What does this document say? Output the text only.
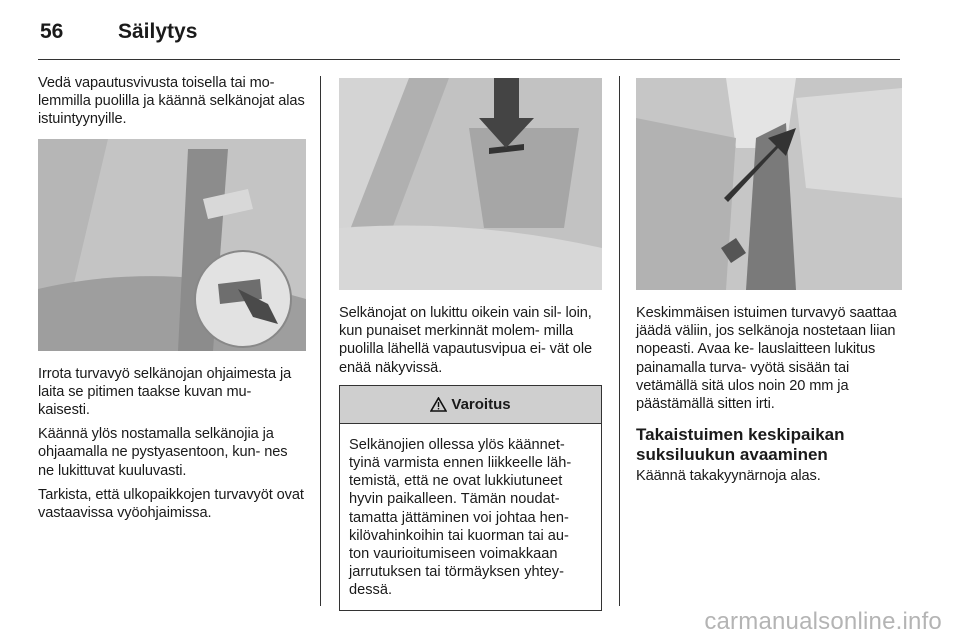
56	Säilytys

Vedä vapautusvivusta toisella tai mo- lemmilla puolilla ja käännä selkänojat alas istuintyynyille.

Irrota turvavyö selkänojan ohjaimesta ja laita se pitimen taakse kuvan mu- kaisesti.

Käännä ylös nostamalla selkänojia ja ohjaamalla ne pystyasentoon, kun- nes ne lukittuvat kuuluvasti.

Tarkista, että ulkopaikkojen turvavyöt ovat vastaavissa vyöohjaimissa.

Selkänojat on lukittu oikein vain sil- loin, kun punaiset merkinnät molem- milla puolilla lähellä vapautusvipua ei- vät ole enää näkyvissä.

Varoitus
Selkänojien ollessa ylös käännet- tyinä varmista ennen liikkeelle läh- temistä, että ne ovat lukkiutuneet hyvin paikalleen. Tämän noudat- tamatta jättäminen voi johtaa hen- kilövahinkoihin tai kuorman tai au- ton vaurioitumiseen voimakkaan jarrutuksen tai törmäyksen yhtey- dessä.

Keskimmäisen istuimen turvavyö saattaa jäädä väliin, jos selkänoja nostetaan liian nopeasti. Avaa ke- lauslaitteen lukitus painamalla turva- vyötä sisään tai vetämällä sitä ulos noin 20 mm ja päästämällä sitten irti.

Takaistuimen keskipaikan suksiluukun avaaminen

Käännä takakyynärnoja alas.

carmanualsonline.info
